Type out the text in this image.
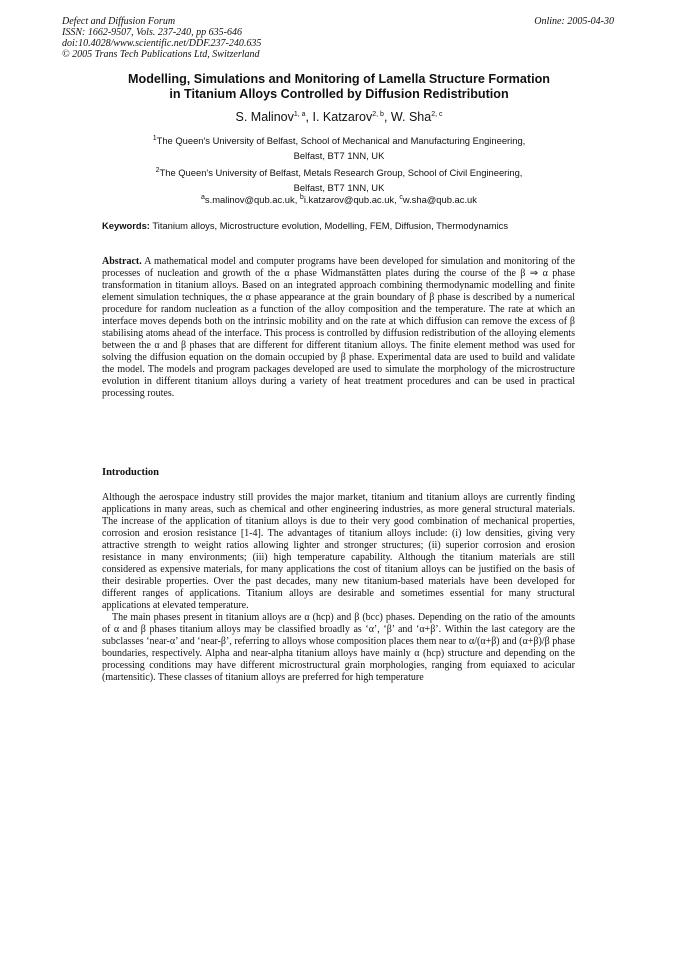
Defect and Diffusion Forum
ISSN: 1662-9507, Vols. 237-240, pp 635-646
doi:10.4028/www.scientific.net/DDF.237-240.635
© 2005 Trans Tech Publications Ltd, Switzerland
Online: 2005-04-30
Modelling, Simulations and Monitoring of Lamella Structure Formation
in Titanium Alloys Controlled by Diffusion Redistribution
S. Malinov$^{1, a}$, I. Katzarov$^{2, b}$, W. Sha$^{2, c}$
$^1$The Queen's University of Belfast, School of Mechanical and Manufacturing Engineering,
Belfast, BT7 1NN, UK
$^2$The Queen's University of Belfast, Metals Research Group, School of Civil Engineering,
Belfast, BT7 1NN, UK
$^a$s.malinov@qub.ac.uk, $^b$i.katzarov@qub.ac.uk, $^c$w.sha@qub.ac.uk
Keywords: Titanium alloys, Microstructure evolution, Modelling, FEM, Diffusion, Thermodynamics

Abstract. A mathematical model and computer programs have been developed for simulation and monitoring of the processes of nucleation and growth of the α phase Widmanstätten plates during the course of the β ⇒ α phase transformation in titanium alloys. Based on an integrated approach combining thermodynamic modelling and finite element simulation techniques, the α phase appearance at the grain boundary of β phase is described by a numerical procedure for random nucleation as a function of the alloy composition and the temperature. The rate at which an interface moves depends both on the intrinsic mobility and on the rate at which diffusion can remove the excess of β stabilising atoms ahead of the interface. This process is controlled by diffusion redistribution of the alloying elements between the α and β phases that are different for different titanium alloys. The finite element method was used for solving the diffusion equation on the domain occupied by β phase. Experimental data are used to build and validate the model. The models and program packages developed are used to simulate the morphology of the microstructure evolution in different titanium alloys during a variety of heat treatment procedures and can be used in practical processing routes.

Introduction

Although the aerospace industry still provides the major market, titanium and titanium alloys are currently finding applications in many areas, such as chemical and other engineering industries, as more general structural materials. The increase of the application of titanium alloys is due to their very good combination of mechanical properties, corrosion and erosion resistance [1-4]. The advantages of titanium alloys include: (i) low densities, giving very attractive strength to weight ratios allowing lighter and stronger structures; (ii) superior corrosion and erosion resistance in many environments; (iii) high temperature capability. Although the titanium materials are still considered as expensive materials, for many applications the cost of titanium alloys can be justified on the basis of their desirable properties. Over the past decades, many new titanium-based materials have been developed for different ranges of applications. Titanium alloys are desirable and sometimes essential for many structural applications at elevated temperature.

The main phases present in titanium alloys are α (hcp) and β (bcc) phases. Depending on the ratio of the amounts of α and β phases titanium alloys may be classified broadly as ‘α’, ‘β’ and ‘α+β’. Within the last category are the subclasses ‘near-α’ and ‘near-β’, referring to alloys whose composition places them near to α/(α+β) and (α+β)/β phase boundaries, respectively. Alpha and near-alpha titanium alloys have mainly α (hcp) structure and depending on the processing conditions may have different microstructural grain morphologies, ranging from equiaxed to acicular (martensitic). These classes of titanium alloys are preferred for high temperature
